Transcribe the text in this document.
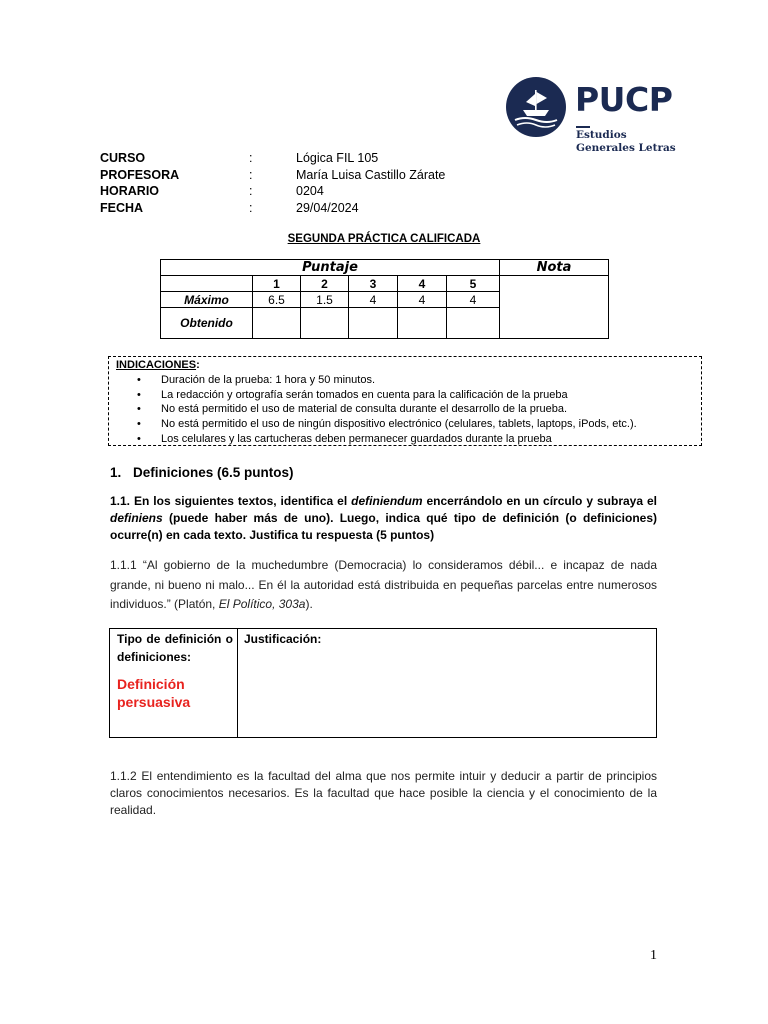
PUCP
Estudios
Generales Letras
CURSO	:	Lógica FIL 105
PROFESORA	:	María Luisa Castillo Zárate
HORARIO	:	0204
FECHA	:	29/04/2024
SEGUNDA PRÁCTICA CALIFICADA
Puntaje						Nota
	1	2	3	4	5	
Máximo	6.5	1.5	4	4	4	
Obtenido						
INDICACIONES:
• Duración de la prueba: 1 hora y 50 minutos.
• La redacción y ortografía serán tomados en cuenta para la calificación de la prueba
• No está permitido el uso de material de consulta durante el desarrollo de la prueba.
• No está permitido el uso de ningún dispositivo electrónico (celulares, tablets, laptops, iPods, etc.).
• Los celulares y las cartucheras deben permanecer guardados durante la prueba
1. Definiciones (6.5 puntos)
1.1. En los siguientes textos, identifica el definiendum encerrándolo en un círculo y subraya el definiens (puede haber más de uno). Luego, indica qué tipo de definición (o definiciones) ocurre(n) en cada texto. Justifica tu respuesta (5 puntos)
1.1.1 “Al gobierno de la muchedumbre (Democracia) lo consideramos débil... e incapaz de nada grande, ni bueno ni malo... En él la autoridad está distribuida en pequeñas parcelas entre numerosos individuos.” (Platón, El Político, 303a).
Tipo de definición o definiciones:
Definición persuasiva
Justificación:
1.1.2 El entendimiento es la facultad del alma que nos permite intuir y deducir a partir de principios claros conocimientos necesarios. Es la facultad que hace posible la ciencia y el conocimiento de la realidad.
1
